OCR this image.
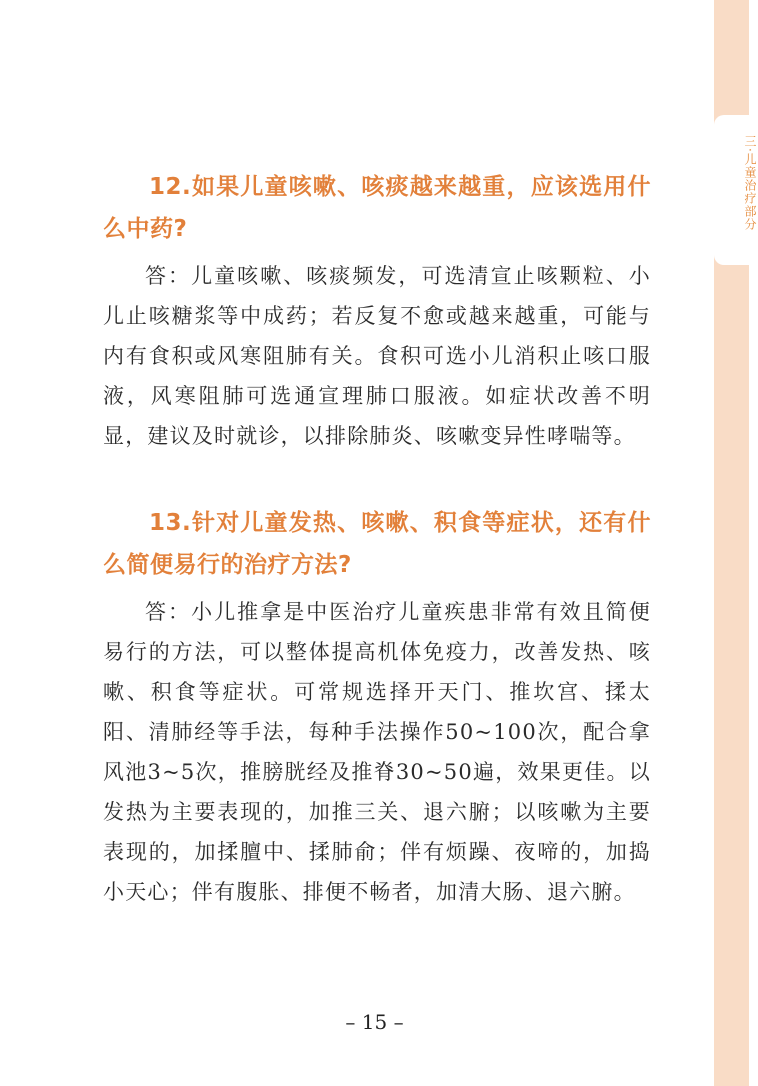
三·儿童治疗部分

12.如果儿童咳嗽、咳痰越来越重，应该选用什么中药?

答：儿童咳嗽、咳痰频发，可选清宣止咳颗粒、小儿止咳糖浆等中成药；若反复不愈或越来越重，可能与内有食积或风寒阻肺有关。食积可选小儿消积止咳口服液，风寒阻肺可选通宣理肺口服液。如症状改善不明显，建议及时就诊，以排除肺炎、咳嗽变异性哮喘等。

13.针对儿童发热、咳嗽、积食等症状，还有什么简便易行的治疗方法?

答：小儿推拿是中医治疗儿童疾患非常有效且简便易行的方法，可以整体提高机体免疫力，改善发热、咳嗽、积食等症状。可常规选择开天门、推坎宫、揉太阳、清肺经等手法，每种手法操作50~100次，配合拿风池3~5次，推膀胱经及推脊30~50遍，效果更佳。以发热为主要表现的，加推三关、退六腑；以咳嗽为主要表现的，加揉膻中、揉肺俞；伴有烦躁、夜啼的，加捣小天心；伴有腹胀、排便不畅者，加清大肠、退六腑。

– 15 –
